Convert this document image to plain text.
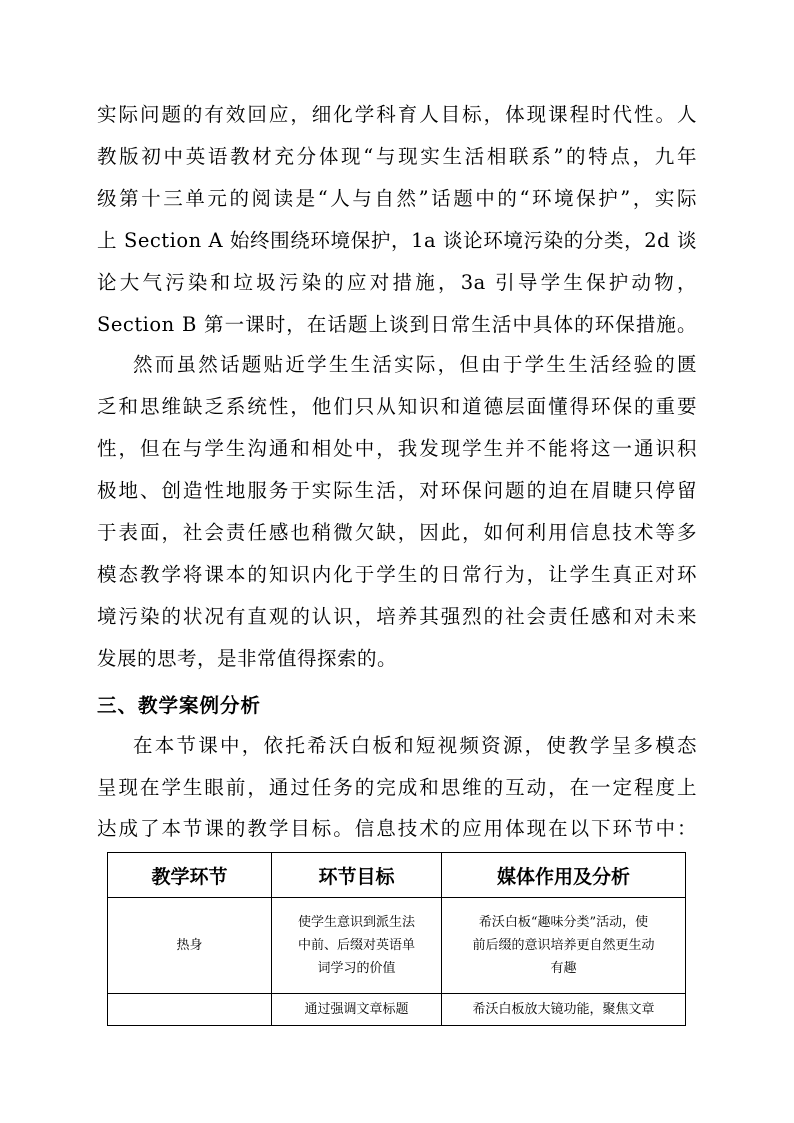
实际问题的有效回应，细化学科育人目标，体现课程时代性。人
教版初中英语教材充分体现“与现实生活相联系”的特点，九年
级第十三单元的阅读是“人与自然”话题中的“环境保护”，实际
上 Section A 始终围绕环境保护，1a 谈论环境污染的分类，2d 谈
论大气污染和垃圾污染的应对措施，3a 引导学生保护动物，
Section B 第一课时，在话题上谈到日常生活中具体的环保措施。
然而虽然话题贴近学生生活实际，但由于学生生活经验的匮
乏和思维缺乏系统性，他们只从知识和道德层面懂得环保的重要
性，但在与学生沟通和相处中，我发现学生并不能将这一通识积
极地、创造性地服务于实际生活，对环保问题的迫在眉睫只停留
于表面，社会责任感也稍微欠缺，因此，如何利用信息技术等多
模态教学将课本的知识内化于学生的日常行为，让学生真正对环
境污染的状况有直观的认识，培养其强烈的社会责任感和对未来
发展的思考，是非常值得探索的。
三、教学案例分析
在本节课中，依托希沃白板和短视频资源，使教学呈多模态
呈现在学生眼前，通过任务的完成和思维的互动，在一定程度上
达成了本节课的教学目标。信息技术的应用体现在以下环节中：
教学环节	环节目标	媒体作用及分析
热身	使学生意识到派生法
中前、后缀对英语单
词学习的价值	希沃白板“趣味分类”活动，使
前后缀的意识培养更自然更生动
有趣

	通过强调文章标题	希沃白板放大镜功能，聚焦文章
